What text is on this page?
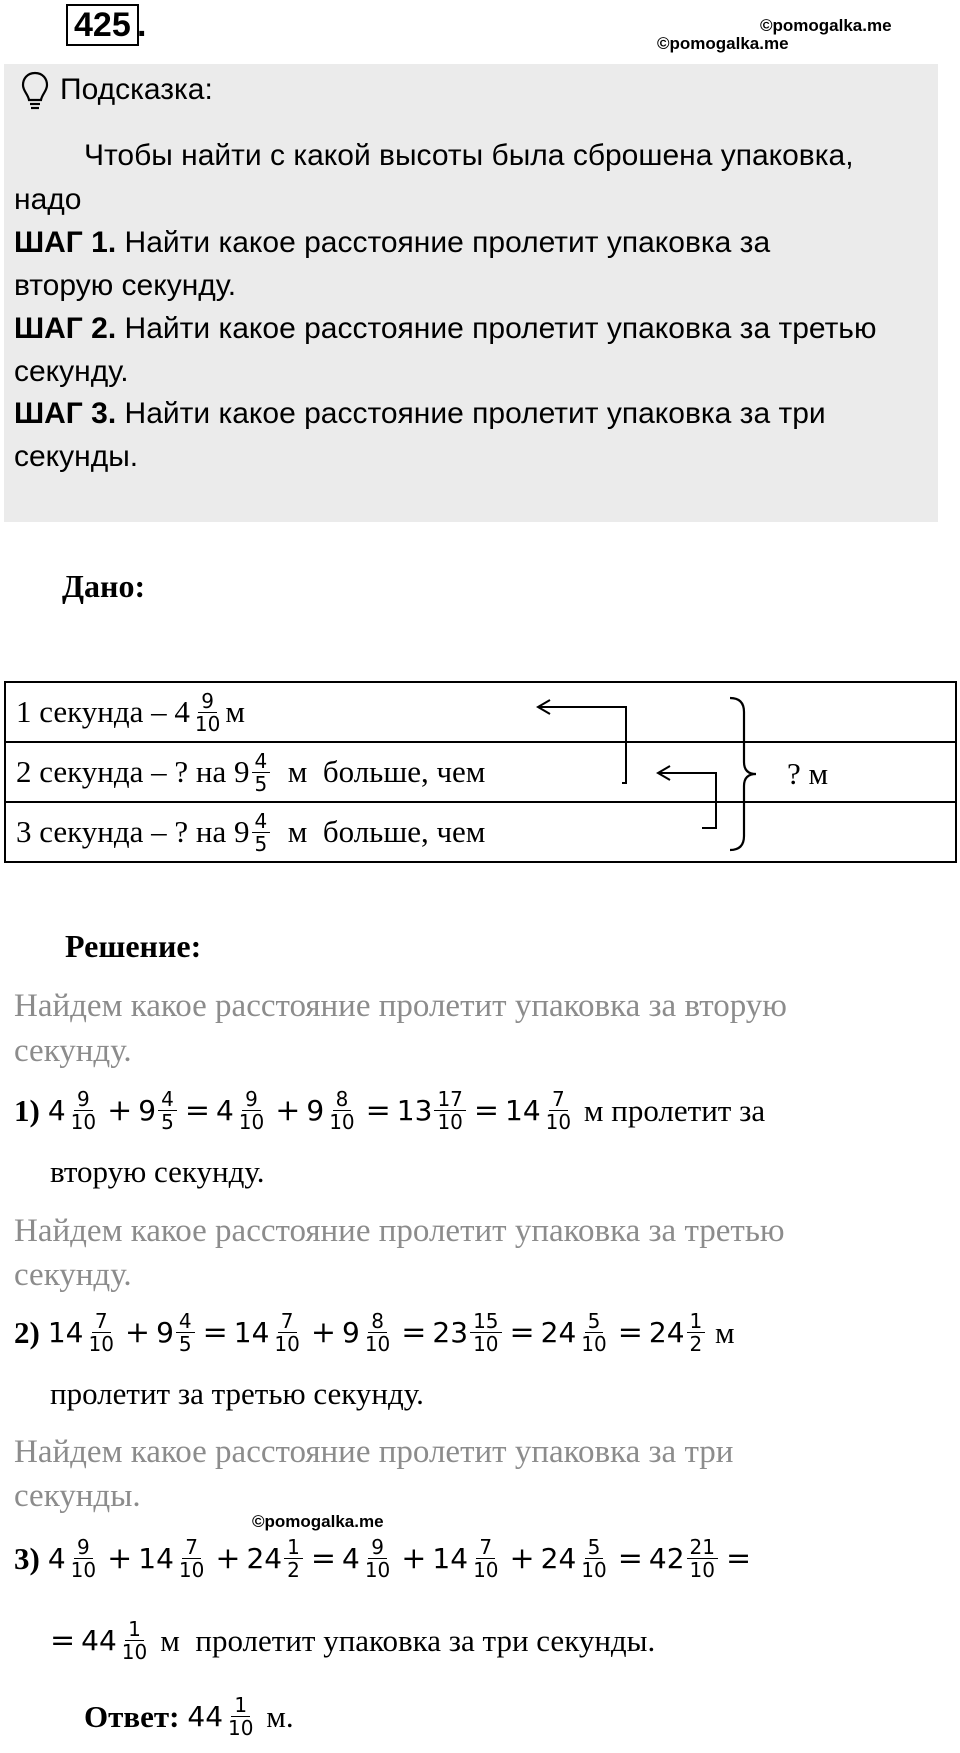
425 .	©pomogalka.me
©pomogalka.me
Подсказка:
Чтобы найти с какой высоты была сброшена упаковка,
надо
ШАГ 1. Найти какое расстояние пролетит упаковка за
вторую секунду.
ШАГ 2. Найти какое расстояние пролетит упаковка за третью
секунду.
ШАГ 3. Найти какое расстояние пролетит упаковка за три
секунды.
Дано:
1 секунда – $4 \frac{9}{10}$ м

2 секунда – ? на $9 \frac{4}{5}$ м  больше, чем

3 секунда – ? на $9 \frac{4}{5}$ м  больше, чем
? м
Решение:
Найдем какое расстояние пролетит упаковка за вторую
секунду.
1) $4 \frac{9}{10} + 9 \frac{4}{5} = 4 \frac{9}{10} + 9 \frac{8}{10} = 13 \frac{17}{10} = 14 \frac{7}{10}$ м пролетит за
вторую секунду.
Найдем какое расстояние пролетит упаковка за третью
секунду.
2) $14 \frac{7}{10} + 9 \frac{4}{5} = 14 \frac{7}{10} + 9 \frac{8}{10} = 23 \frac{15}{10} = 24 \frac{5}{10} = 24 \frac{1}{2}$ м
пролетит за третью секунду.
Найдем какое расстояние пролетит упаковка за три
секунды.
©pomogalka.me
3) $4 \frac{9}{10} + 14 \frac{7}{10} + 24 \frac{1}{2} = 4 \frac{9}{10} + 14 \frac{7}{10} + 24 \frac{5}{10} = 42 \frac{21}{10}$ =
= $44 \frac{1}{10}$ м пролетит упаковка за три секунды.
Ответ: $44 \frac{1}{10} м$.
